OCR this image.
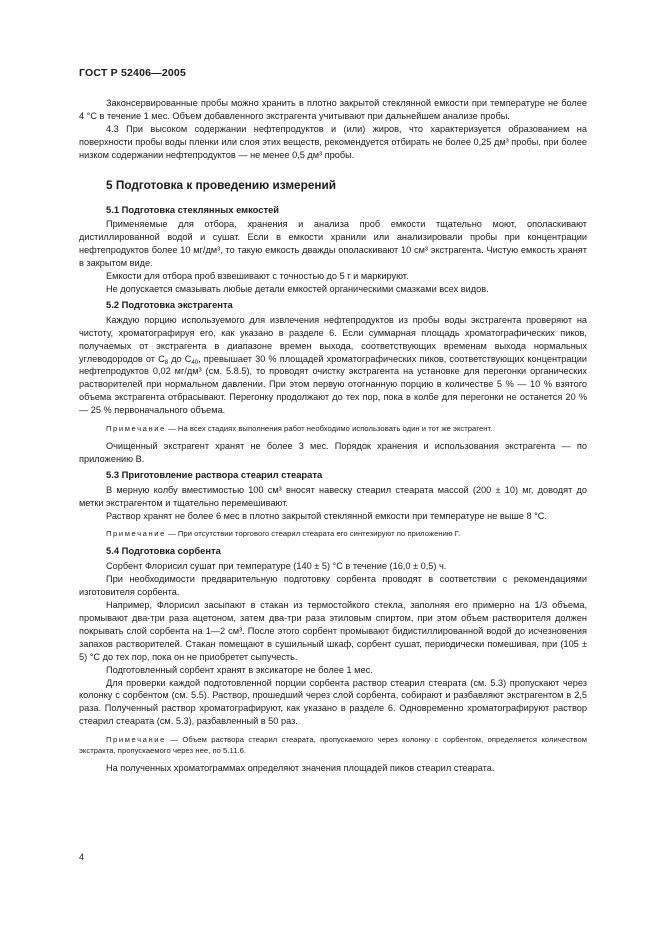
ГОСТ Р 52406—2005

Законсервированные пробы можно хранить в плотно закрытой стеклянной емкости при температуре не более 4 °С в течение 1 мес. Объем добавленного экстрагента учитывают при дальнейшем анализе пробы.

4.3 При высоком содержании нефтепродуктов и (или) жиров, что характеризуется образованием на поверхности пробы воды пленки или слоя этих веществ, рекомендуется отбирать не более 0,25 дм³ пробы, при более низком содержании нефтепродуктов — не менее 0,5 дм³ пробы.

5 Подготовка к проведению измерений
5.1 Подготовка стеклянных емкостей

Применяемые для отбора, хранения и анализа проб емкости тщательно моют, ополаскивают дистиллированной водой и сушат. Если в емкости хранили или анализировали пробы при концентрации нефтепродуктов более 10 мг/дм³, то такую емкость дважды ополаскивают 10 см³ экстрагента. Чистую емкость хранят в закрытом виде.

Емкости для отбора проб взвешивают с точностью до 5 г и маркируют.

Не допускается смазывать любые детали емкостей органическими смазками всех видов.

5.2 Подготовка экстрагента

Каждую порцию используемого для извлечения нефтепродуктов из пробы воды экстрагента проверяют на чистоту, хроматографируя его, как указано в разделе 6. Если суммарная площадь хроматографических пиков, получаемых от экстрагента в диапазоне времен выхода, соответствующих временам выхода нормальных углеводородов от $С_8$ до $С_{40}$, превышает 30 % площадей хроматографических пиков, соответствующих концентрации нефтепродуктов 0,02 мг/дм³ (см. 5.8.5), то проводят очистку экстрагента на установке для перегонки органических растворителей при нормальном давлении. При этом первую отогнанную порцию в количестве 5 % — 10 % взятого объема экстрагента отбрасывают. Перегонку продолжают до тех пор, пока в колбе для перегонки не останется 20 % — 25 % первоначального объема.

Примечание — На всех стадиях выполнения работ необходимо использовать один и тот же экстрагент.

Очищенный экстрагент хранят не более 3 мес. Порядок хранения и использования экстрагента — по приложению В.

5.3 Приготовление раствора стеарил стеарата

В мерную колбу вместимостью 100 см³ вносят навеску стеарил стеарата массой (200 ± 10) мг, доводят до метки экстрагентом и тщательно перемешивают.

Раствор хранят не более 6 мес в плотно закрытой стеклянной емкости при температуре не выше 8 °С.

Примечание — При отсутствии торгового стеарил стеарата его синтезируют по приложению Г.

5.4 Подготовка сорбента

Сорбент Флорисил сушат при температуре (140 ± 5) °С в течение (16,0 ± 0,5) ч.

При необходимости предварительную подготовку сорбента проводят в соответствии с рекомендациями изготовителя сорбента.

Например, Флорисил засыпают в стакан из термостойкого стекла, заполняя его примерно на 1/3 объема, промывают два-три раза ацетоном, затем два-три раза этиловым спиртом, при этом объем растворителя должен покрывать слой сорбента на 1—2 см³. После этого сорбент промывают бидистиллированной водой до исчезновения запахов растворителей. Стакан помещают в сушильный шкаф, сорбент сушат, периодически помешивая, при (105 ± 5) °С до тех пор, пока он не приобретет сыпучесть.

Подготовленный сорбент хранят в эксикаторе не более 1 мес.

Для проверки каждой подготовленной порции сорбента раствор стеарил стеарата (см. 5.3) пропускают через колонку с сорбентом (см. 5.5). Раствор, прошедший через слой сорбента, собирают и разбавляют экстрагентом в 2,5 раза. Полученный раствор хроматографируют, как указано в разделе 6. Одновременно хроматографируют раствор стеарил стеарата (см. 5.3), разбавленный в 50 раз.

Примечание — Объем раствора стеарил стеарата, пропускаемого через колонку с сорбентом, определяется количеством экстракта, пропускаемого через нее, по 5.11.6.

На полученных хроматограммах определяют значения площадей пиков стеарил стеарата.

4
